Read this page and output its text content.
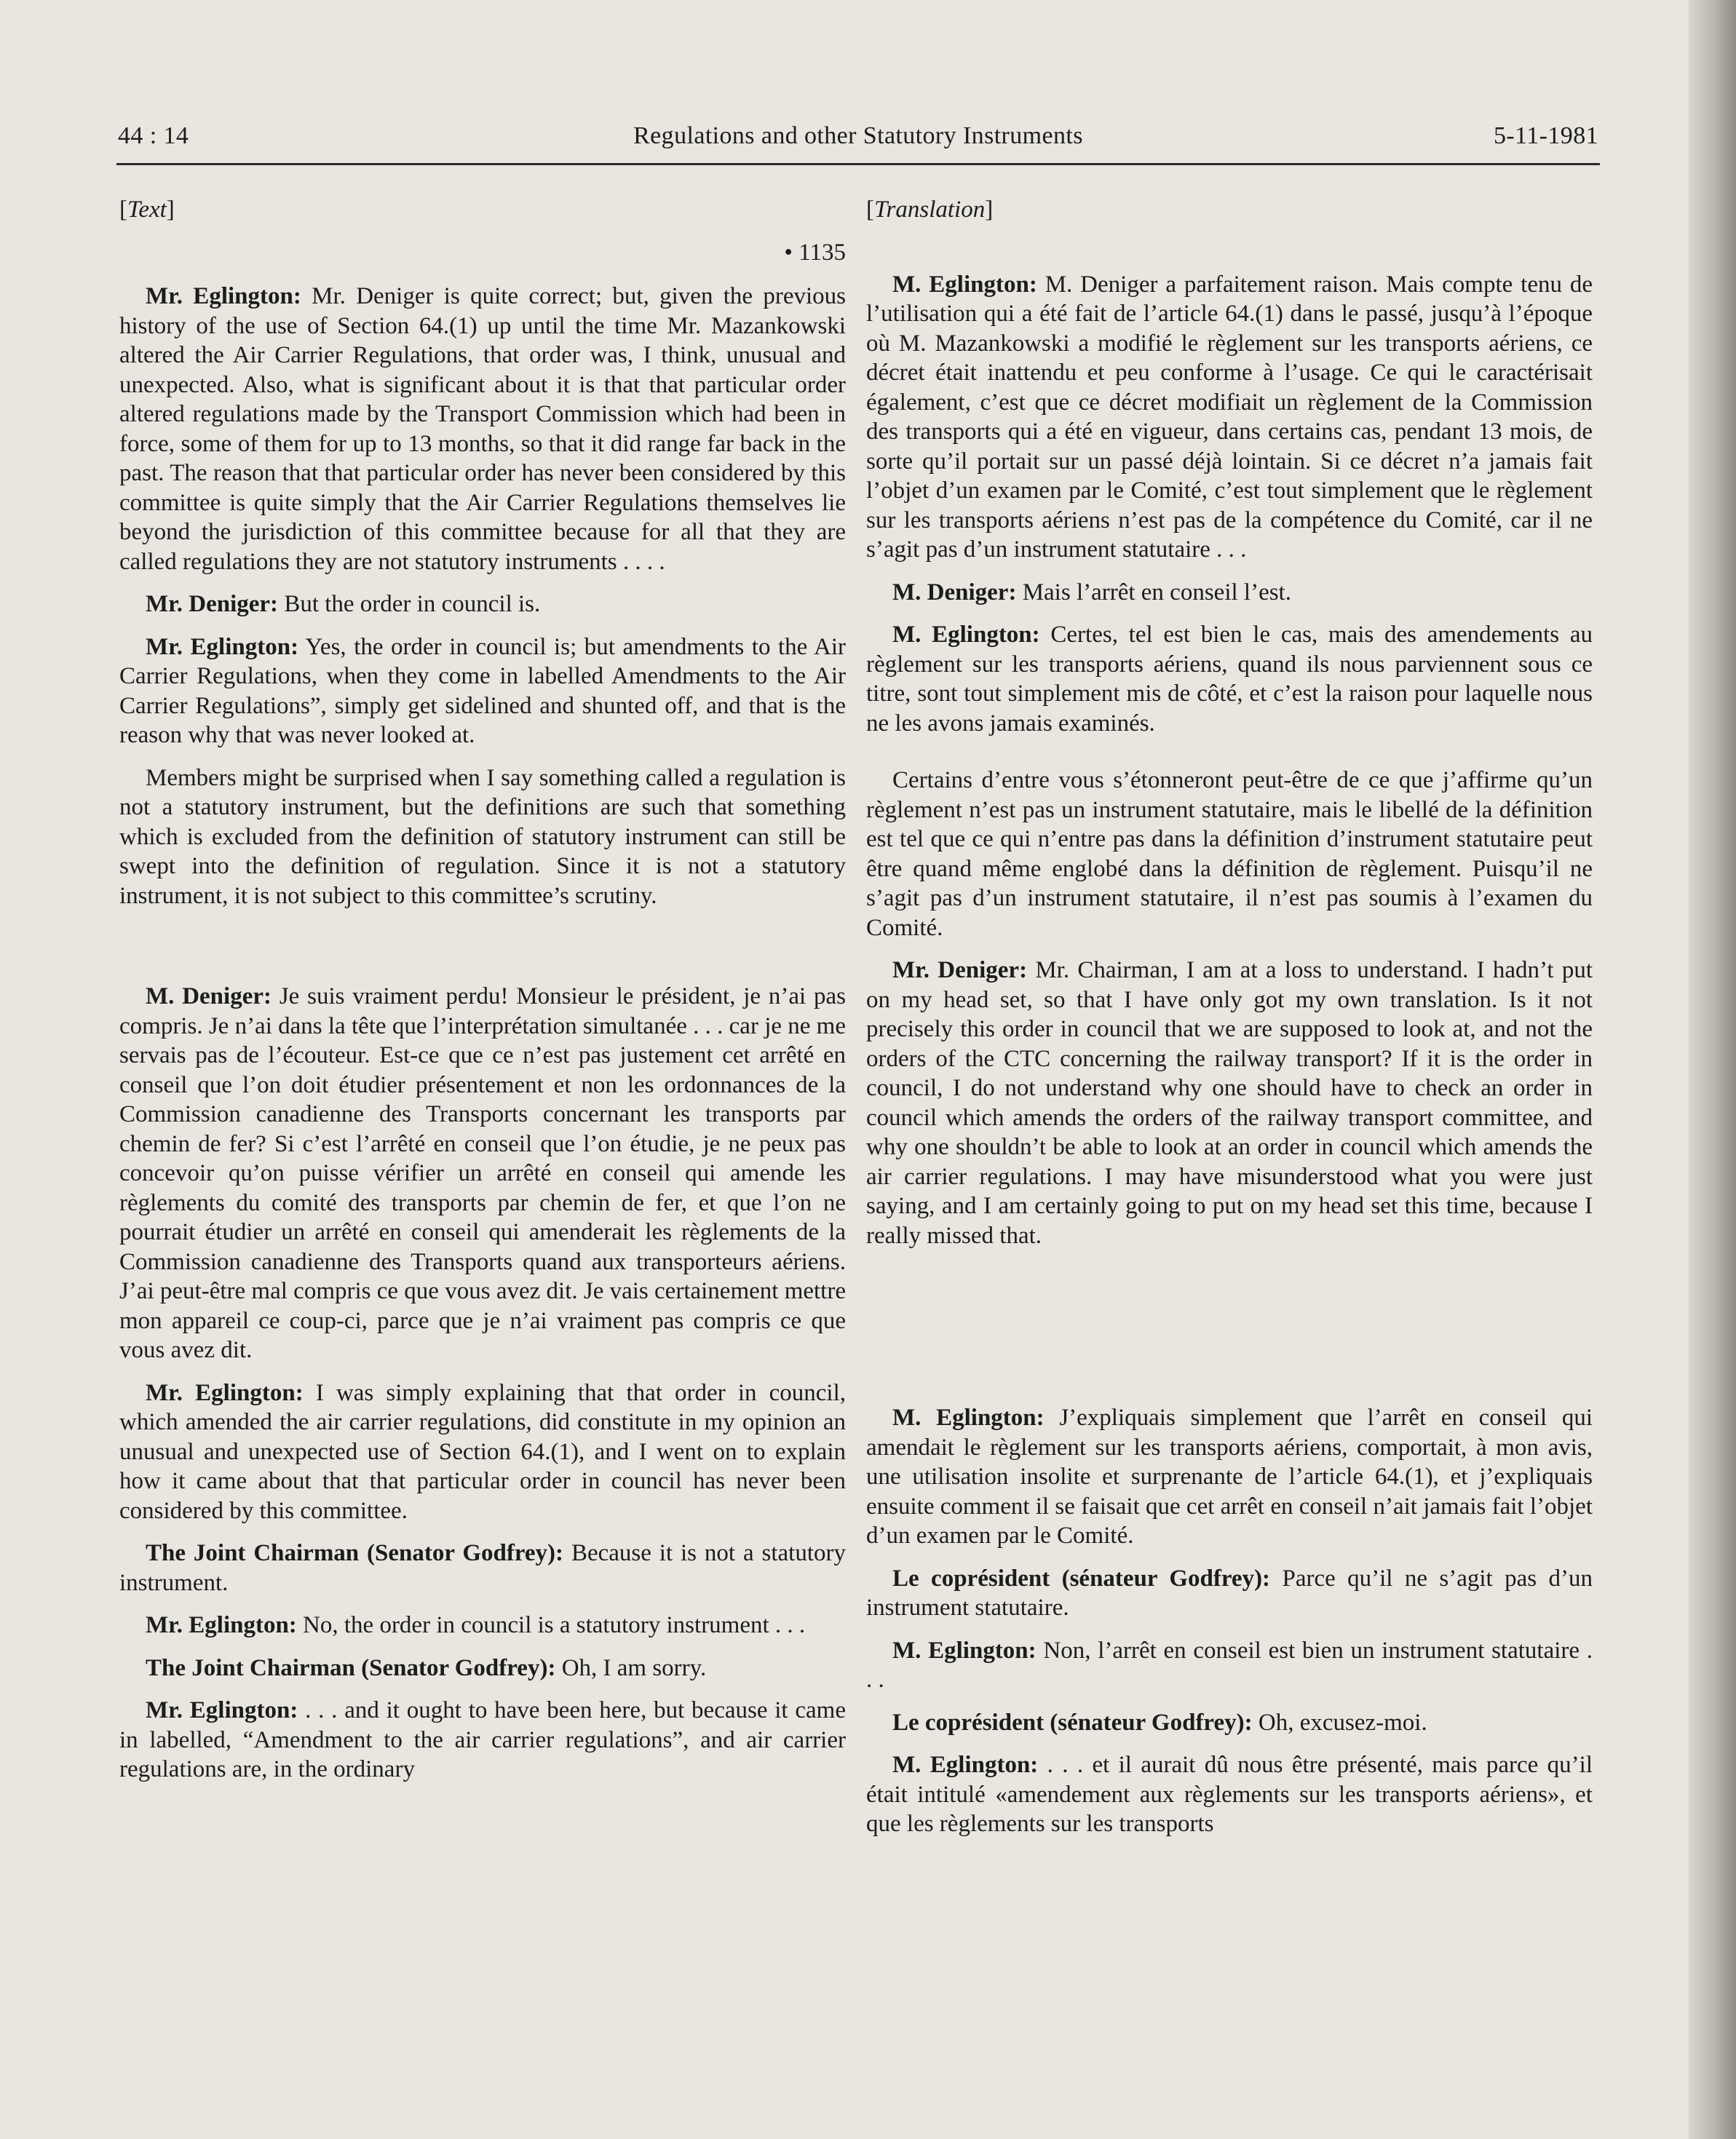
44 : 14	Regulations and other Statutory Instruments	5-11-1981
[Text]
• 1135
Mr. Eglington: Mr. Deniger is quite correct; but, given the previous history of the use of Section 64.(1) up until the time Mr. Mazankowski altered the Air Carrier Regulations, that order was, I think, unusual and unexpected. Also, what is significant about it is that that particular order altered regulations made by the Transport Commission which had been in force, some of them for up to 13 months, so that it did range far back in the past. The reason that that particular order has never been considered by this committee is quite simply that the Air Carrier Regulations themselves lie beyond the jurisdiction of this committee because for all that they are called regulations they are not statutory instruments . . . .
Mr. Deniger: But the order in council is.
Mr. Eglington: Yes, the order in council is; but amendments to the Air Carrier Regulations, when they come in labelled Amendments to the Air Carrier Regulations”, simply get sidelined and shunted off, and that is the reason why that was never looked at.
Members might be surprised when I say something called a regulation is not a statutory instrument, but the definitions are such that something which is excluded from the definition of statutory instrument can still be swept into the definition of regulation. Since it is not a statutory instrument, it is not subject to this committee’s scrutiny.
M. Deniger: Je suis vraiment perdu! Monsieur le président, je n’ai pas compris. Je n’ai dans la tête que l’interprétation simultanée . . . car je ne me servais pas de l’écouteur. Est-ce que ce n’est pas justement cet arrêté en conseil que l’on doit étudier présentement et non les ordonnances de la Commission canadienne des Transports concernant les transports par chemin de fer? Si c’est l’arrêté en conseil que l’on étudie, je ne peux pas concevoir qu’on puisse vérifier un arrêté en conseil qui amende les règlements du comité des transports par chemin de fer, et que l’on ne pourrait étudier un arrêté en conseil qui amenderait les règlements de la Commission canadienne des Transports quand aux transporteurs aériens. J’ai peut-être mal compris ce que vous avez dit. Je vais certainement mettre mon appareil ce coup-ci, parce que je n’ai vraiment pas compris ce que vous avez dit.
Mr. Eglington: I was simply explaining that that order in council, which amended the air carrier regulations, did constitute in my opinion an unusual and unexpected use of Section 64.(1), and I went on to explain how it came about that that particular order in council has never been considered by this committee.
The Joint Chairman (Senator Godfrey): Because it is not a statutory instrument.
Mr. Eglington: No, the order in council is a statutory instrument . . .
The Joint Chairman (Senator Godfrey): Oh, I am sorry.
Mr. Eglington: . . . and it ought to have been here, but because it came in labelled, “Amendment to the air carrier regulations”, and air carrier regulations are, in the ordinary
[Translation]
M. Eglington: M. Deniger a parfaitement raison. Mais compte tenu de l’utilisation qui a été fait de l’article 64.(1) dans le passé, jusqu’à l’époque où M. Mazankowski a modifié le règlement sur les transports aériens, ce décret était inattendu et peu conforme à l’usage. Ce qui le caractérisait également, c’est que ce décret modifiait un règlement de la Commission des transports qui a été en vigueur, dans certains cas, pendant 13 mois, de sorte qu’il portait sur un passé déjà lointain. Si ce décret n’a jamais fait l’objet d’un examen par le Comité, c’est tout simplement que le règlement sur les transports aériens n’est pas de la compétence du Comité, car il ne s’agit pas d’un instrument statutaire . . .
M. Deniger: Mais l’arrêt en conseil l’est.
M. Eglington: Certes, tel est bien le cas, mais des amendements au règlement sur les transports aériens, quand ils nous parviennent sous ce titre, sont tout simplement mis de côté, et c’est la raison pour laquelle nous ne les avons jamais examinés.
Certains d’entre vous s’étonneront peut-être de ce que j’affirme qu’un règlement n’est pas un instrument statutaire, mais le libellé de la définition est tel que ce qui n’entre pas dans la définition d’instrument statutaire peut être quand même englobé dans la définition de règlement. Puisqu’il ne s’agit pas d’un instrument statutaire, il n’est pas soumis à l’examen du Comité.
Mr. Deniger: Mr. Chairman, I am at a loss to understand. I hadn’t put on my head set, so that I have only got my own translation. Is it not precisely this order in council that we are supposed to look at, and not the orders of the CTC concerning the railway transport? If it is the order in council, I do not understand why one should have to check an order in council which amends the orders of the railway transport committee, and why one shouldn’t be able to look at an order in council which amends the air carrier regulations. I may have misunderstood what you were just saying, and I am certainly going to put on my head set this time, because I really missed that.
M. Eglington: J’expliquais simplement que l’arrêt en conseil qui amendait le règlement sur les transports aériens, comportait, à mon avis, une utilisation insolite et surprenante de l’article 64.(1), et j’expliquais ensuite comment il se faisait que cet arrêt en conseil n’ait jamais fait l’objet d’un examen par le Comité.
Le coprésident (sénateur Godfrey): Parce qu’il ne s’agit pas d’un instrument statutaire.
M. Eglington: Non, l’arrêt en conseil est bien un instrument statutaire . . .
Le coprésident (sénateur Godfrey): Oh, excusez-moi.
M. Eglington: . . . et il aurait dû nous être présenté, mais parce qu’il était intitulé «amendement aux règlements sur les transports aériens», et que les règlements sur les transports
